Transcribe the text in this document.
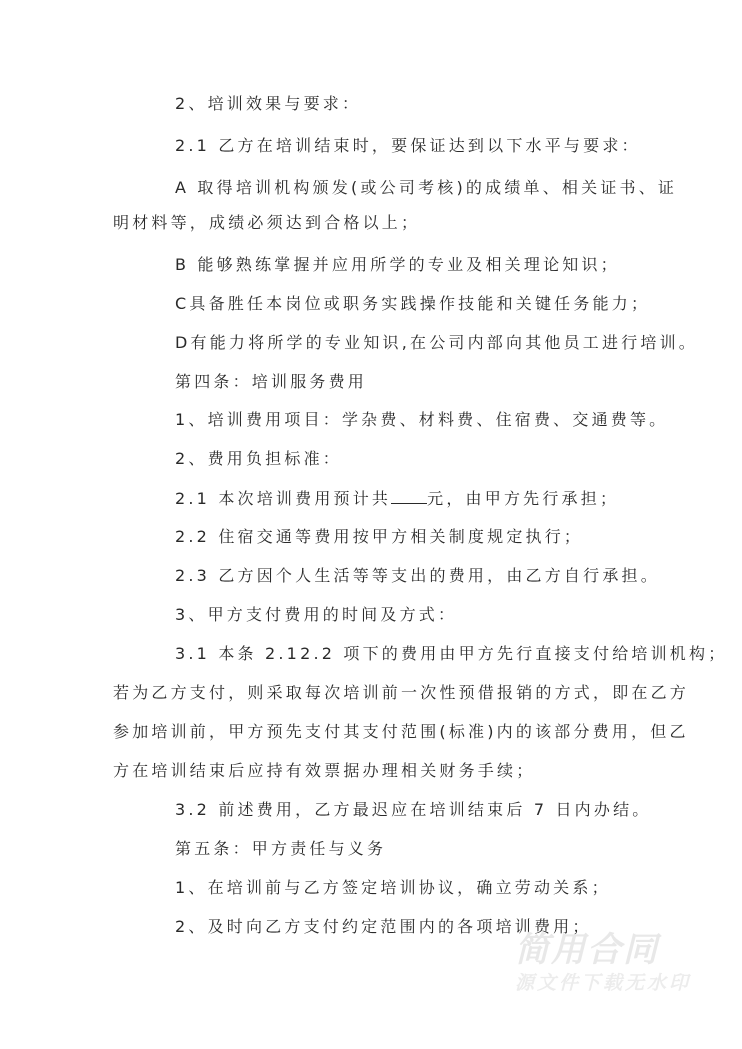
2、培训效果与要求：
2.1 乙方在培训结束时，要保证达到以下水平与要求：
A 取得培训机构颁发(或公司考核)的成绩单、相关证书、证
明材料等，成绩必须达到合格以上；
B 能够熟练掌握并应用所学的专业及相关理论知识；
C具备胜任本岗位或职务实践操作技能和关键任务能力；
D有能力将所学的专业知识,在公司内部向其他员工进行培训。
第四条：培训服务费用
1、培训费用项目：学杂费、材料费、住宿费、交通费等。
2、费用负担标准：
2.1 本次培训费用预计共 元，由甲方先行承担；
2.2 住宿交通等费用按甲方相关制度规定执行；
2.3 乙方因个人生活等等支出的费用，由乙方自行承担。
3、甲方支付费用的时间及方式：
3.1 本条 2.12.2 项下的费用由甲方先行直接支付给培训机构；
若为乙方支付，则采取每次培训前一次性预借报销的方式，即在乙方
参加培训前，甲方预先支付其支付范围(标准)内的该部分费用，但乙
方在培训结束后应持有效票据办理相关财务手续；
3.2 前述费用，乙方最迟应在培训结束后 7 日内办结。
第五条：甲方责任与义务
1、在培训前与乙方签定培训协议，确立劳动关系；
2、及时向乙方支付约定范围内的各项培训费用；
简用合同
源文件下载无水印
